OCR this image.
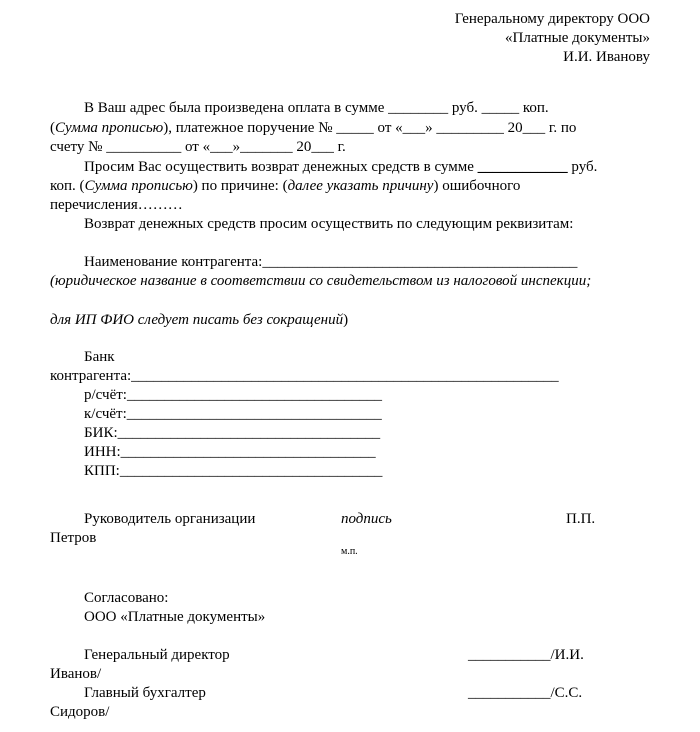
Генеральному директору ООО
«Платные документы»
И.И. Иванову
В Ваш адрес была произведена оплата в сумме ________ руб. _____ коп.
(Сумма прописью), платежное поручение № _____ от «___» _________ 20___ г. по
счету № __________ от «___»_______ 20___ г.
Просим Вас осуществить возврат денежных средств в сумме ____________ руб.
коп. (Сумма прописью) по причине: (далее указать причину) ошибочного
перечисления………
Возврат денежных средств просим осуществить по следующим реквизитам:
Наименование контрагента:__________________________________________
(юридическое название в соответствии со свидетельством из налоговой инспекции;
для ИП ФИО следует писать без сокращений)
Банк
контрагента:_________________________________________________________
р/счёт:__________________________________
к/счёт:__________________________________
БИК:___________________________________
ИНН:__________________________________
КПП:___________________________________
Руководитель организации	подпись	П.П.
Петров
м.п.
Согласовано:
ООО «Платные документы»
Генеральный директор	___________/И.И.
Иванов/
Главный бухгалтер	___________/С.С.
Сидоров/
